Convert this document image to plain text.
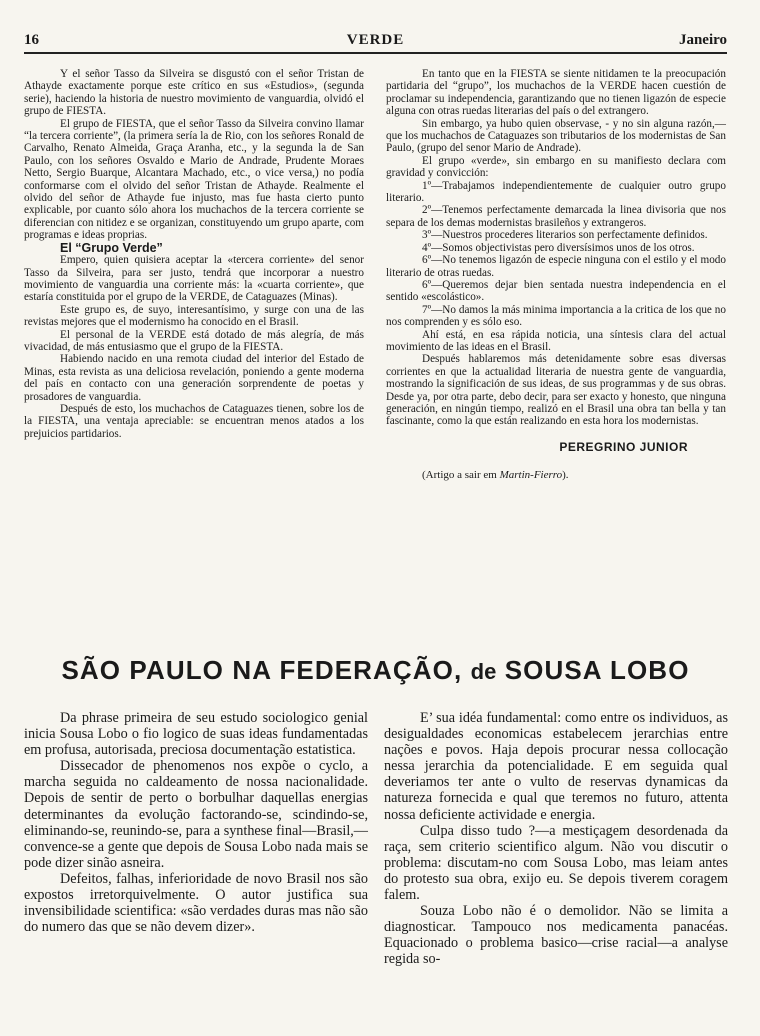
16	VERDE	Janeiro

Y el señor Tasso da Silveira se disgustó con el señor Tristan de Athayde exactamente porque este crítico en sus «Estudios», (segunda serie), haciendo la historia de nuestro movimiento de vanguardia, olvidó el grupo de FIESTA.

El grupo de FIESTA, que el señor Tasso da Silveira convino llamar “la tercera corriente”, (la primera sería la de Rio, con los señores Ronald de Carvalho, Renato Almeida, Graça Aranha, etc., y la segunda la de San Paulo, con los señores Osvaldo e Mario de Andrade, Prudente Moraes Netto, Sergio Buarque, Alcantara Machado, etc., o vice versa,) no podía conformarse com el olvido del señor Tristan de Athayde. Realmente el olvido del señor de Athayde fue injusto, mas fue hasta cierto punto explicable, por cuanto sólo ahora los muchachos de la tercera corriente se diferencian con nitidez e se organizan, constituyendo um grupo aparte, com programas e ideas proprias.

El “Grupo Verde”

Empero, quien quisiera aceptar la «tercera corriente» del senor Tasso da Silveira, para ser justo, tendrá que incorporar a nuestro movimiento de vanguardia una corriente más: la «cuarta corriente», que estaría constituida por el grupo de la VERDE, de Cataguazes (Minas).

Este grupo es, de suyo, interesantísimo, y surge con una de las revistas mejores que el modernismo ha conocido en el Brasil.

El personal de la VERDE está dotado de más alegría, de más vivacidad, de más entusiasmo que el grupo de la FIESTA.

Habiendo nacido en una remota ciudad del interior del Estado de Minas, esta revista as una deliciosa revelación, poniendo a gente moderna del país en contacto con una generación sorprendente de poetas y prosadores de vanguardia.

Después de esto, los muchachos de Cataguazes tienen, sobre los de la FIESTA, una ventaja apreciable: se encuentran menos atados a los prejuicios partidarios.

En tanto que en la FIESTA se siente nitidamen te la preocupación partidaria del “grupo”, los muchachos de la VERDE hacen cuestión de proclamar su independencia, garantizando que no tienen ligazón de especie alguna con otras ruedas literarias del país o del extrangero.

Sin embargo, ya hubo quien observase, - y no sin alguna razón,—que los muchachos de Cataguazes son tributarios de los modernistas de San Paulo, (grupo del senor Mario de Andrade).

El grupo «verde», sin embargo en su manifiesto declara com gravidad y convicción:

1º—Trabajamos independientemente de cualquier outro grupo literario.

2º—Tenemos perfectamente demarcada la linea divisoria que nos separa de los demas modernistas brasileños y extrangeros.

3º—Nuestros procederes literarios son perfectamente definidos.

4º—Somos objectivistas pero diversísimos unos de los otros.

6º—No tenemos ligazón de especie ninguna con el estilo y el modo literario de otras ruedas.

6º—Queremos dejar bien sentada nuestra independencia en el sentido «escolástico».

7º—No damos la más minima importancia a la critica de los que no nos comprenden y es sólo eso.

Ahí está, en esa rápida noticia, una síntesis clara del actual movimiento de las ideas en el Brasil.

Después hablaremos más detenidamente sobre esas diversas corrientes en que la actualidad literaria de nuestra gente de vanguardia, mostrando la significación de sus ideas, de sus programmas y de sus obras. Desde ya, por otra parte, debo decir, para ser exacto y honesto, que ninguna generación, en ningún tiempo, realizó en el Brasil una obra tan bella y tan fascinante, como la que están realizando en esta hora los modernistas.

PEREGRINO JUNIOR
(Artigo a sair em Martin-Fierro).
SÃO PAULO NA FEDERAÇÃO, de SOUSA LOBO

Da phrase primeira de seu estudo sociologico genial inicia Sousa Lobo o fio logico de suas ideas fundamentadas em profusa, autorisada, preciosa documentação estatistica.

Dissecador de phenomenos nos expõe o cyclo, a marcha seguida no caldeamento de nossa nacionalidade. Depois de sentir de perto o borbulhar daquellas energias determinantes da evolução factorando-se, scindindo-se, eliminando-se, reunindo-se, para a synthese final—Brasil,—convence-se a gente que depois de Sousa Lobo nada mais se pode dizer sinão asneira.

Defeitos, falhas, inferioridade de novo Brasil nos são expostos irretorquivelmente. O autor justifica sua invensibilidade scientifica: «são verdades duras mas não são do numero das que se não devem dizer».

E’ sua idéa fundamental: como entre os individuos, as desigualdades economicas estabelecem jerarchias entre nações e povos. Haja depois procurar nessa collocação nessa jerarchia da potencialidade. E em seguida qual deveriamos ter ante o vulto de reservas dynamicas da natureza fornecida e qual que teremos no futuro, attenta nossa deficiente actividade e energia.

Culpa disso tudo ?—a mestiçagem desordenada da raça, sem criterio scientifico algum. Não vou discutir o problema: discutam-no com Sousa Lobo, mas leiam antes do protesto sua obra, exijo eu. Se depois tiverem coragem falem.

Souza Lobo não é o demolidor. Não se limita a diagnosticar. Tampouco nos medicamenta panacéas. Equacionado o problema basico—crise racial—a analyse regida so-
